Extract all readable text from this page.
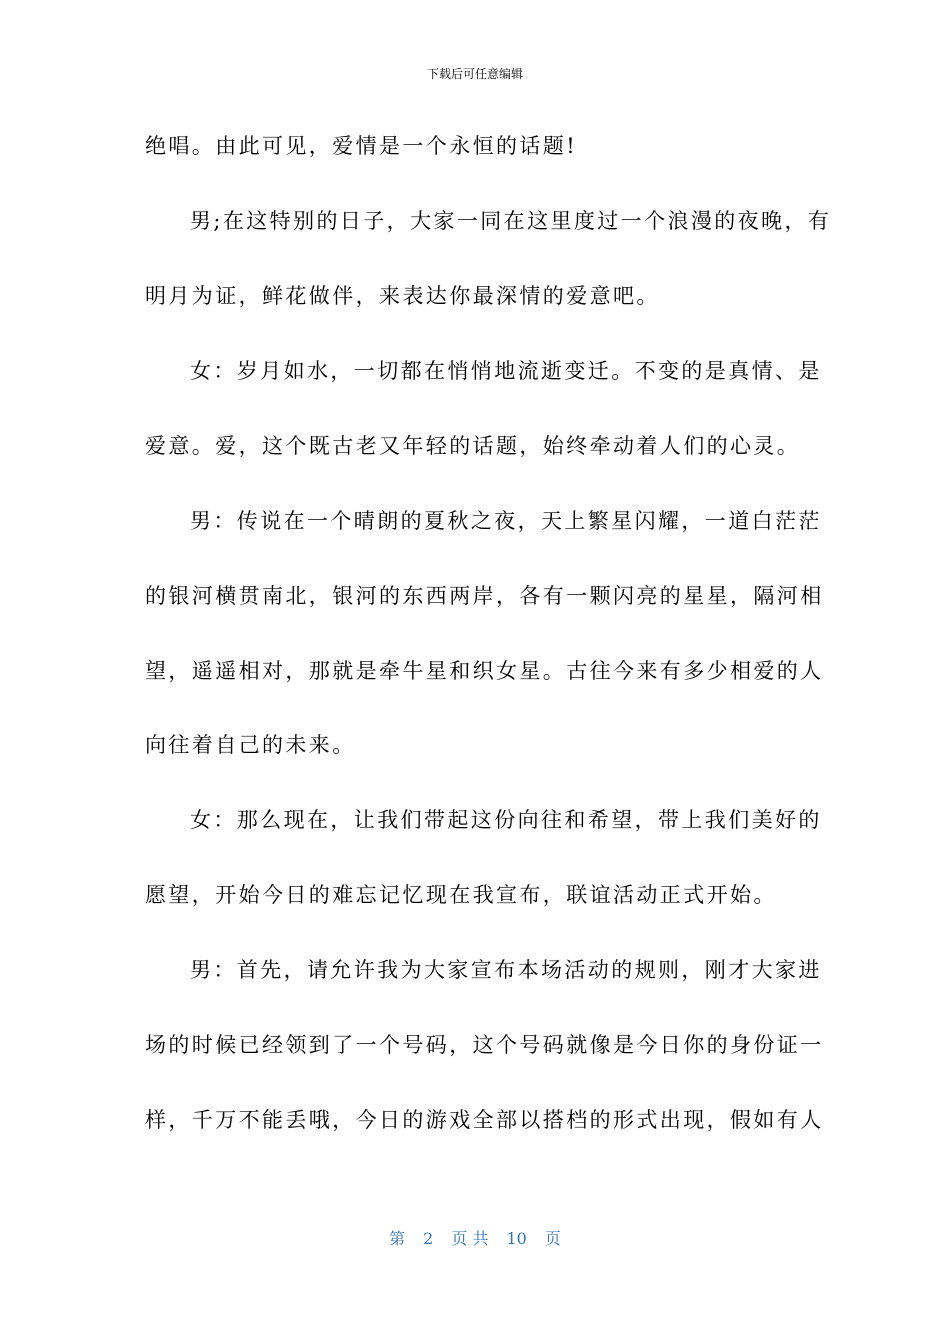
下载后可任意编辑
绝唱。由此可见，爱情是一个永恒的话题!
男;在这特别的日子，大家一同在这里度过一个浪漫的夜晚，有
明月为证，鲜花做伴，来表达你最深情的爱意吧。
女：岁月如水，一切都在悄悄地流逝变迁。不变的是真情、是
爱意。爱，这个既古老又年轻的话题，始终牵动着人们的心灵。
男：传说在一个晴朗的夏秋之夜，天上繁星闪耀，一道白茫茫
的银河横贯南北，银河的东西两岸，各有一颗闪亮的星星，隔河相
望，遥遥相对，那就是牵牛星和织女星。古往今来有多少相爱的人
向往着自己的未来。
女：那么现在，让我们带起这份向往和希望，带上我们美好的
愿望，开始今日的难忘记忆现在我宣布，联谊活动正式开始。
男：首先，请允许我为大家宣布本场活动的规则，刚才大家进
场的时候已经领到了一个号码，这个号码就像是今日你的身份证一
样，千万不能丢哦，今日的游戏全部以搭档的形式出现，假如有人
第 2 页 共 10 页
